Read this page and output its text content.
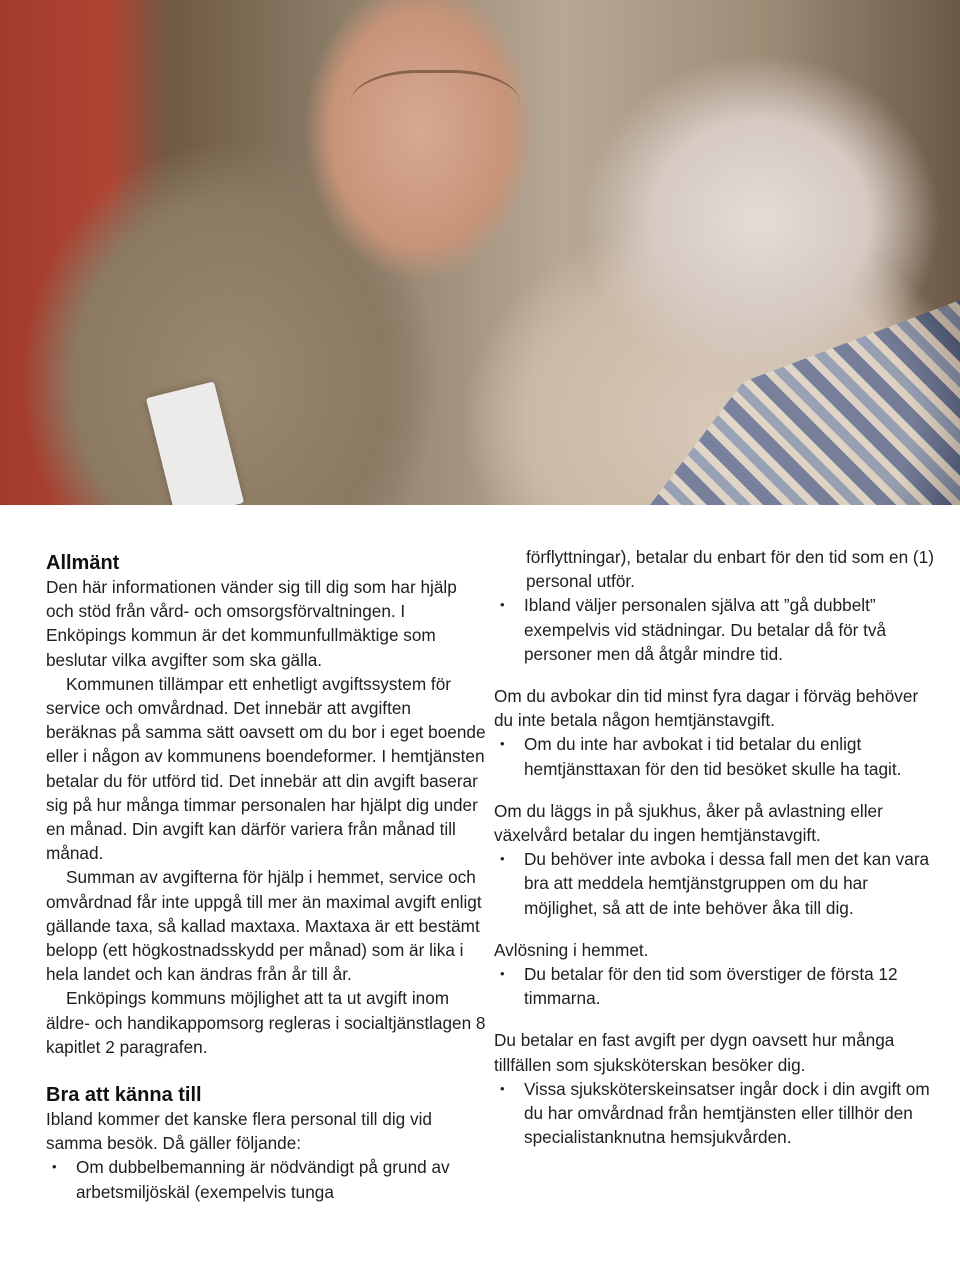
Allmänt

Den här informationen vänder sig till dig som har hjälp och stöd från vård- och omsorgsförvaltningen. I Enköpings kommun är det kommunfullmäktige som beslutar vilka avgifter som ska gälla.

Kommunen tillämpar ett enhetligt avgiftssystem för service och omvårdnad. Det innebär att avgiften beräknas på samma sätt oavsett om du bor i eget boende eller i någon av kommunens boendeformer. I hemtjänsten betalar du för utförd tid. Det innebär att din avgift baserar sig på hur många timmar personalen har hjälpt dig under en månad. Din avgift kan därför variera från månad till månad.

Summan av avgifterna för hjälp i hemmet, service och omvårdnad får inte uppgå till mer än maximal avgift enligt gällande taxa, så kallad maxtaxa. Maxtaxa är ett bestämt belopp (ett högkostnadsskydd per månad) som är lika i hela landet och kan ändras från år till år.

Enköpings kommuns möjlighet att ta ut avgift inom äldre- och handikappomsorg regleras i socialtjänstlagen 8 kapitlet 2 paragrafen.

Bra att känna till

Ibland kommer det kanske flera personal till dig vid samma besök. Då gäller följande:

• Om dubbelbemanning är nödvändigt på grund av arbetsmiljöskäl (exempelvis tunga

förflyttningar), betalar du enbart för den tid som en (1) personal utför.

• Ibland väljer personalen själva att ”gå dubbelt” exempelvis vid städningar. Du betalar då för två personer men då åtgår mindre tid.

Om du avbokar din tid minst fyra dagar i förväg behöver du inte betala någon hemtjänstavgift.

• Om du inte har avbokat i tid betalar du enligt hemtjänsttaxan för den tid besöket skulle ha tagit.

Om du läggs in på sjukhus, åker på avlastning eller växelvård betalar du ingen hemtjänstavgift.

• Du behöver inte avboka i dessa fall men det kan vara bra att meddela hemtjänstgruppen om du har möjlighet, så att de inte behöver åka till dig.

Avlösning i hemmet.

• Du betalar för den tid som överstiger de första 12 timmarna.

Du betalar en fast avgift per dygn oavsett hur många tillfällen som sjuksköterskan besöker dig.

• Vissa sjuksköterskeinsatser ingår dock i din avgift om du har omvårdnad från hemtjänsten eller tillhör den specialistanknutna hemsjukvården.
